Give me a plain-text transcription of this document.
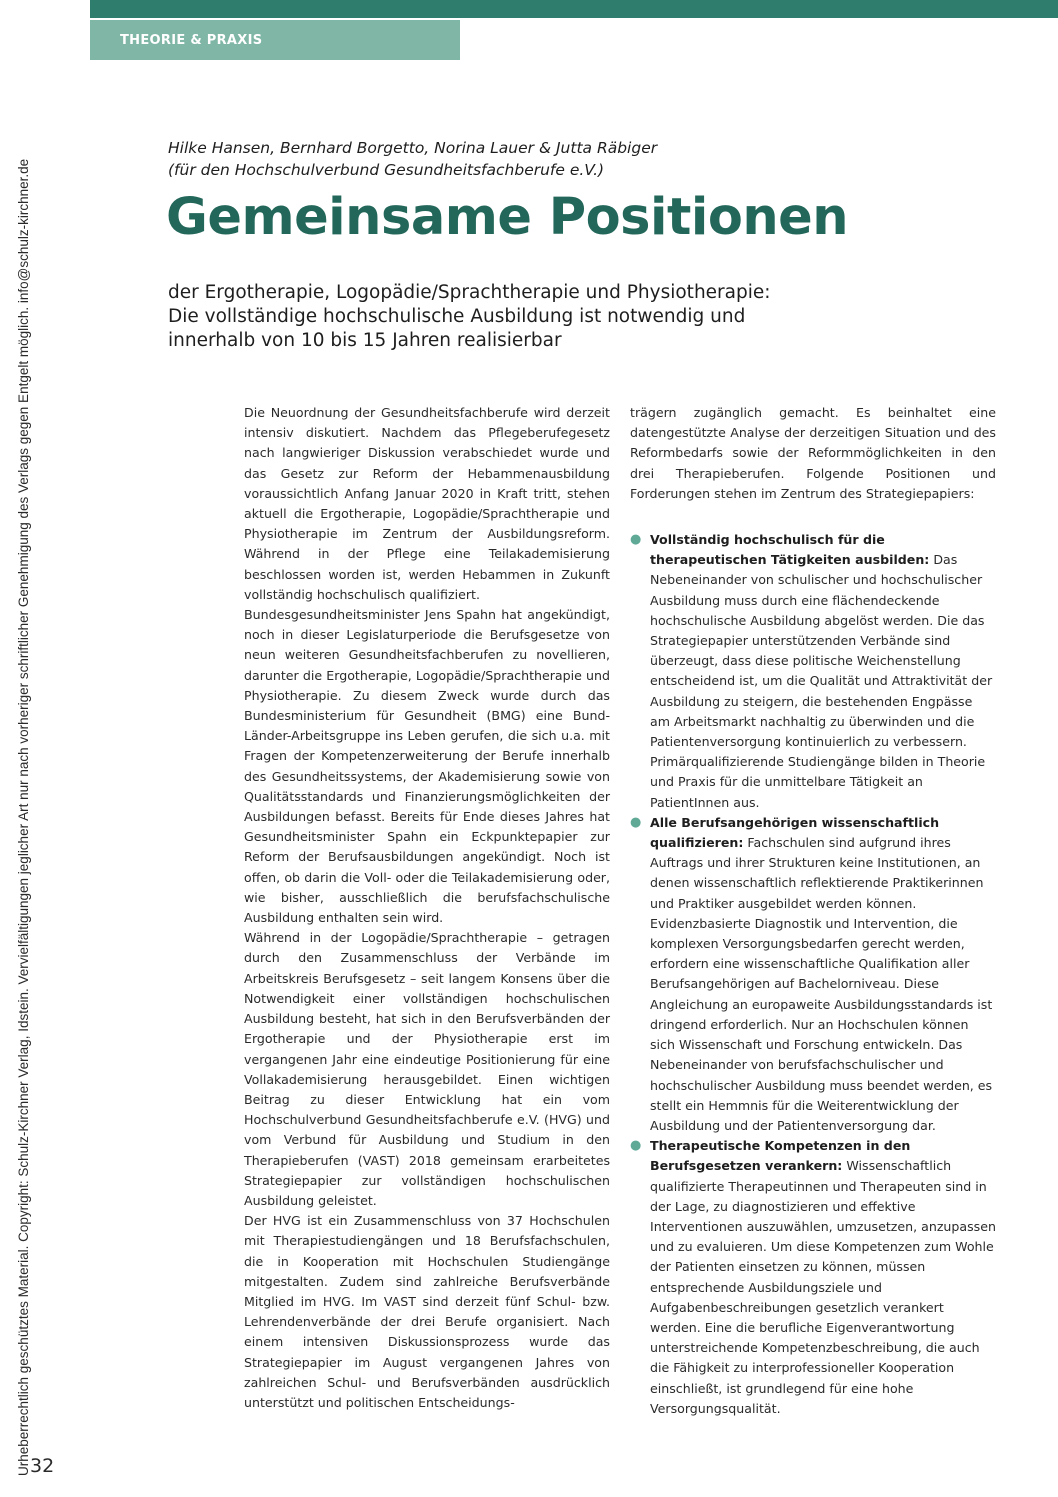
THEORIE & PRAXIS
Urheberrechtlich geschütztes Material. Copyright: Schulz-Kirchner Verlag, Idstein. Vervielfältigungen jeglicher Art nur nach vorheriger schriftlicher Genehmigung des Verlags gegen Entgelt möglich. info@schulz-kirchner.de 32
Hilke Hansen, Bernhard Borgetto, Norina Lauer & Jutta Räbiger
(für den Hochschulverbund Gesundheitsfachberufe e.V.)
Gemeinsame Positionen
der Ergotherapie, Logopädie/Sprachtherapie und Physiotherapie:
Die vollständige hochschulische Ausbildung ist notwendig und
innerhalb von 10 bis 15 Jahren realisierbar

Die Neuordnung der Gesundheitsfachberufe wird derzeit intensiv diskutiert. Nachdem das Pflegeberufegesetz nach langwieriger Diskussion verabschiedet wurde und das Gesetz zur Reform der Hebammenausbildung voraussichtlich Anfang Januar 2020 in Kraft tritt, stehen aktuell die Ergotherapie, Logopädie/Sprachtherapie und Physiotherapie im Zentrum der Ausbildungsreform. Während in der Pflege eine Teilakademisierung beschlossen worden ist, werden Hebammen in Zukunft vollständig hochschulisch qualifiziert.

Bundesgesundheitsminister Jens Spahn hat angekündigt, noch in dieser Legislaturperiode die Berufsgesetze von neun weiteren Gesundheitsfachberufen zu novellieren, darunter die Ergotherapie, Logopädie/Sprachtherapie und Physiotherapie. Zu diesem Zweck wurde durch das Bundesministerium für Gesundheit (BMG) eine Bund-Länder-Arbeitsgruppe ins Leben gerufen, die sich u.a. mit Fragen der Kompetenzerweiterung der Berufe innerhalb des Gesundheitssystems, der Akademisierung sowie von Qualitätsstandards und Finanzierungsmöglichkeiten der Ausbildungen befasst. Bereits für Ende dieses Jahres hat Gesundheitsminister Spahn ein Eckpunktepapier zur Reform der Berufsausbildungen angekündigt. Noch ist offen, ob darin die Voll- oder die Teilakademisierung oder, wie bisher, ausschließlich die berufsfachschulische Ausbildung enthalten sein wird.

Während in der Logopädie/Sprachtherapie – getragen durch den Zusammenschluss der Verbände im Arbeitskreis Berufsgesetz – seit langem Konsens über die Notwendigkeit einer vollständigen hochschulischen Ausbildung besteht, hat sich in den Berufsverbänden der Ergotherapie und der Physiotherapie erst im vergangenen Jahr eine eindeutige Positionierung für eine Vollakademisierung herausgebildet. Einen wichtigen Beitrag zu dieser Entwicklung hat ein vom Hochschulverbund Gesundheitsfachberufe e.V. (HVG) und vom Verbund für Ausbildung und Studium in den Therapieberufen (VAST) 2018 gemeinsam erarbeitetes Strategiepapier zur vollständigen hochschulischen Ausbildung geleistet.

Der HVG ist ein Zusammenschluss von 37 Hochschulen mit Therapiestudiengängen und 18 Berufsfachschulen, die in Kooperation mit Hochschulen Studiengänge mitgestalten. Zudem sind zahlreiche Berufsverbände Mitglied im HVG. Im VAST sind derzeit fünf Schul- bzw. Lehrendenverbände der drei Berufe organisiert. Nach einem intensiven Diskussionsprozess wurde das Strategiepapier im August vergangenen Jahres von zahlreichen Schul- und Berufsverbänden ausdrücklich unterstützt und politischen Entscheidungs-

trägern zugänglich gemacht. Es beinhaltet eine datengestützte Analyse der derzeitigen Situation und des Reformbedarfs sowie der Reformmöglichkeiten in den drei Therapieberufen. Folgende Positionen und Forderungen stehen im Zentrum des Strategiepapiers:

● Vollständig hochschulisch für die therapeutischen Tätigkeiten ausbilden: Das Nebeneinander von schulischer und hochschulischer Ausbildung muss durch eine flächendeckende hochschulische Ausbildung abgelöst werden. Die das Strategiepapier unterstützenden Verbände sind überzeugt, dass diese politische Weichenstellung entscheidend ist, um die Qualität und Attraktivität der Ausbildung zu steigern, die bestehenden Engpässe am Arbeitsmarkt nachhaltig zu überwinden und die Patientenversorgung kontinuierlich zu verbessern. Primärqualifizierende Studiengänge bilden in Theorie und Praxis für die unmittelbare Tätigkeit an PatientInnen aus.
● Alle Berufsangehörigen wissenschaftlich qualifizieren: Fachschulen sind aufgrund ihres Auftrags und ihrer Strukturen keine Institutionen, an denen wissenschaftlich reflektierende Praktikerinnen und Praktiker ausgebildet werden können. Evidenzbasierte Diagnostik und Intervention, die komplexen Versorgungsbedarfen gerecht werden, erfordern eine wissenschaftliche Qualifikation aller Berufsangehörigen auf Bachelorniveau. Diese Angleichung an europaweite Ausbildungsstandards ist dringend erforderlich. Nur an Hochschulen können sich Wissenschaft und Forschung entwickeln. Das Nebeneinander von berufsfachschulischer und hochschulischer Ausbildung muss beendet werden, es stellt ein Hemmnis für die Weiterentwicklung der Ausbildung und der Patientenversorgung dar.
● Therapeutische Kompetenzen in den Berufsgesetzen verankern: Wissenschaftlich qualifizierte Therapeutinnen und Therapeuten sind in der Lage, zu diagnostizieren und effektive Interventionen auszuwählen, umzusetzen, anzupassen und zu evaluieren. Um diese Kompetenzen zum Wohle der Patienten einsetzen zu können, müssen entsprechende Ausbildungsziele und Aufgabenbeschreibungen gesetzlich verankert werden. Eine die berufliche Eigenverantwortung unterstreichende Kompetenzbeschreibung, die auch die Fähigkeit zu interprofessioneller Kooperation einschließt, ist grundlegend für eine hohe Versorgungsqualität.
